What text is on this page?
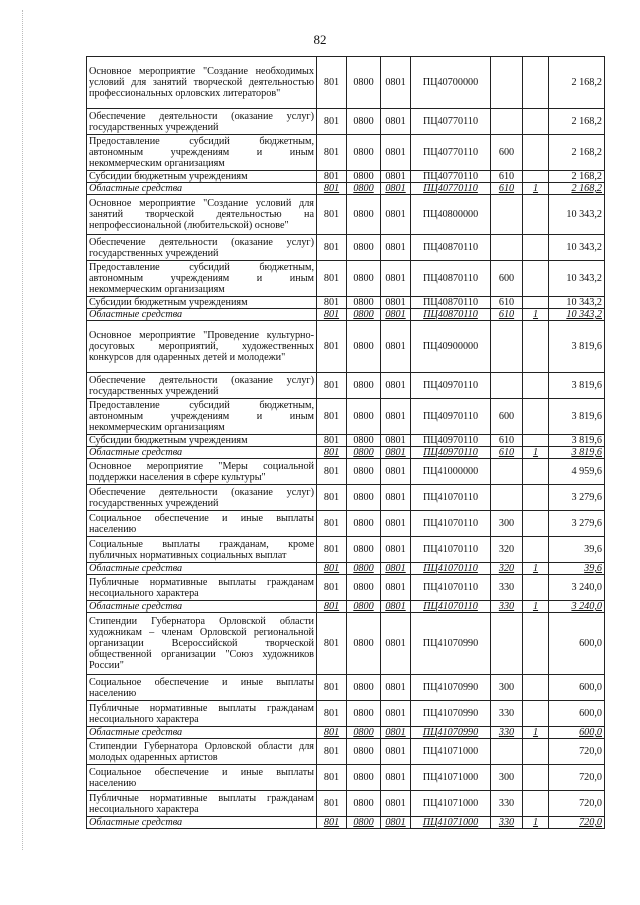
82
Основное мероприятие "Создание необходимых условий для занятий творческой деятельностью профессиональных орловских литераторов"	801	0800	0801	ПЦ40700000			2 168,2
Обеспечение деятельности (оказание услуг) государственных учреждений	801	0800	0801	ПЦ40770110			2 168,2
Предоставление субсидий бюджетным, автономным учреждениям и иным некоммерческим организациям	801	0800	0801	ПЦ40770110	600		2 168,2
Субсидии бюджетным учреждениям	801	0800	0801	ПЦ40770110	610		2 168,2
Областные средства	801	0800	0801	ПЦ40770110	610	1	2 168,2
Основное мероприятие "Создание условий для занятий творческой деятельностью на непрофессиональной (любительской) основе"	801	0800	0801	ПЦ40800000			10 343,2
Обеспечение деятельности (оказание услуг) государственных учреждений	801	0800	0801	ПЦ40870110			10 343,2
Предоставление субсидий бюджетным, автономным учреждениям и иным некоммерческим организациям	801	0800	0801	ПЦ40870110	600		10 343,2
Субсидии бюджетным учреждениям	801	0800	0801	ПЦ40870110	610		10 343,2
Областные средства	801	0800	0801	ПЦ40870110	610	1	10 343,2
Основное мероприятие "Проведение культурно-досуговых мероприятий, художественных конкурсов для одаренных детей и молодежи"	801	0800	0801	ПЦ40900000			3 819,6
Обеспечение деятельности (оказание услуг) государственных учреждений	801	0800	0801	ПЦ40970110			3 819,6
Предоставление субсидий бюджетным, автономным учреждениям и иным некоммерческим организациям	801	0800	0801	ПЦ40970110	600		3 819,6
Субсидии бюджетным учреждениям	801	0800	0801	ПЦ40970110	610		3 819,6
Областные средства	801	0800	0801	ПЦ40970110	610	1	3 819,6
Основное мероприятие "Меры социальной поддержки населения в сфере культуры"	801	0800	0801	ПЦ41000000			4 959,6
Обеспечение деятельности (оказание услуг) государственных учреждений	801	0800	0801	ПЦ41070110			3 279,6
Социальное обеспечение и иные выплаты населению	801	0800	0801	ПЦ41070110	300		3 279,6
Социальные выплаты гражданам, кроме публичных нормативных социальных выплат	801	0800	0801	ПЦ41070110	320		39,6
Областные средства	801	0800	0801	ПЦ41070110	320	1	39,6
Публичные нормативные выплаты гражданам несоциального характера	801	0800	0801	ПЦ41070110	330		3 240,0
Областные средства	801	0800	0801	ПЦ41070110	330	1	3 240,0
Стипендии Губернатора Орловской области художникам – членам Орловской региональной организации Всероссийской творческой общественной организации "Союз художников России"	801	0800	0801	ПЦ41070990			600,0
Социальное обеспечение и иные выплаты населению	801	0800	0801	ПЦ41070990	300		600,0
Публичные нормативные выплаты гражданам несоциального характера	801	0800	0801	ПЦ41070990	330		600,0
Областные средства	801	0800	0801	ПЦ41070990	330	1	600,0
Стипендии Губернатора Орловской области для молодых одаренных артистов	801	0800	0801	ПЦ41071000			720,0
Социальное обеспечение и иные выплаты населению	801	0800	0801	ПЦ41071000	300		720,0
Публичные нормативные выплаты гражданам несоциального характера	801	0800	0801	ПЦ41071000	330		720,0
Областные средства	801	0800	0801	ПЦ41071000	330	1	720,0
